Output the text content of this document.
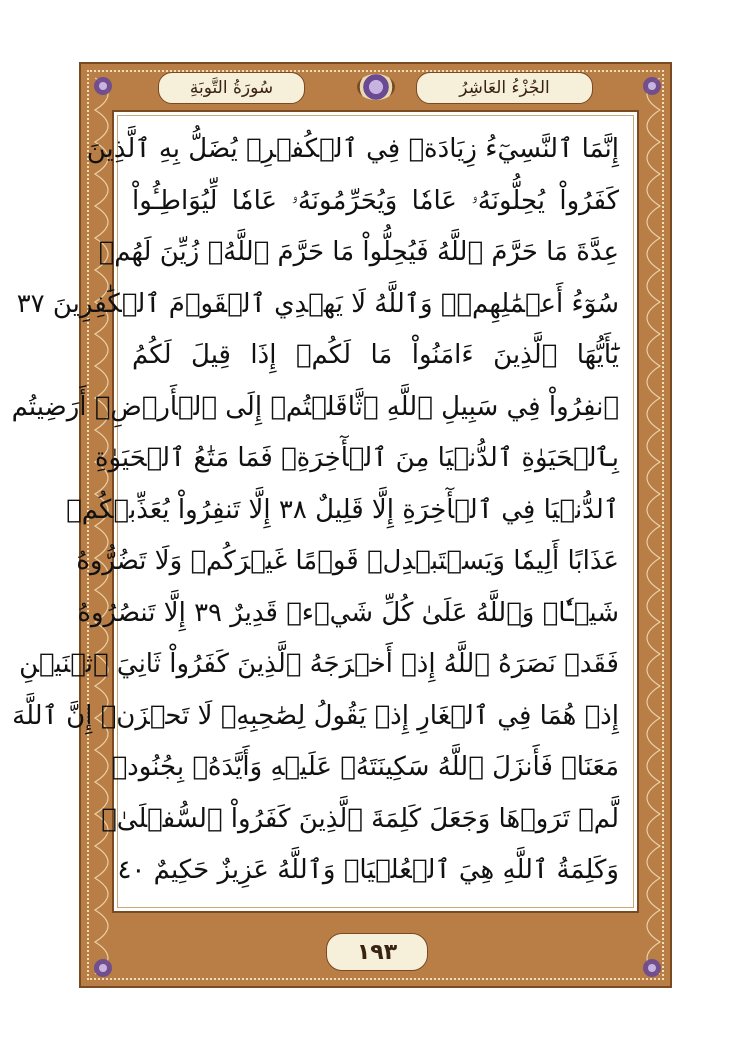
سُورَةُ التَّوبَةِ	الجُزْءُ العَاشِرُ
إِنَّمَا ٱلنَّسِيٓءُ زِيَادَةٞ فِي ٱلۡكُفۡرِۖ يُضَلُّ بِهِ ٱلَّذِينَ
كَفَرُواْ يُحِلُّونَهُۥ عَامٗا وَيُحَرِّمُونَهُۥ عَامٗا لِّيُوَاطِـُٔواْ
عِدَّةَ مَا حَرَّمَ ٱللَّهُ فَيُحِلُّواْ مَا حَرَّمَ ٱللَّهُۚ زُيِّنَ لَهُمۡ
سُوٓءُ أَعۡمَٰلِهِمۡۗ وَٱللَّهُ لَا يَهۡدِي ٱلۡقَوۡمَ ٱلۡكَٰفِرِينَ ٣٧
يَٰٓأَيُّهَا ٱلَّذِينَ ءَامَنُواْ مَا لَكُمۡ إِذَا قِيلَ لَكُمُ
ٱنفِرُواْ فِي سَبِيلِ ٱللَّهِ ٱثَّاقَلۡتُمۡ إِلَى ٱلۡأَرۡضِۚ أَرَضِيتُم
بِٱلۡحَيَوٰةِ ٱلدُّنۡيَا مِنَ ٱلۡأٓخِرَةِۚ فَمَا مَتَٰعُ ٱلۡحَيَوٰةِ
ٱلدُّنۡيَا فِي ٱلۡأٓخِرَةِ إِلَّا قَلِيلٌ ٣٨ إِلَّا تَنفِرُواْ يُعَذِّبۡكُمۡ
عَذَابًا أَلِيمٗا وَيَسۡتَبۡدِلۡ قَوۡمًا غَيۡرَكُمۡ وَلَا تَضُرُّوهُ
شَيۡـٔٗاۗ وَٱللَّهُ عَلَىٰ كُلِّ شَيۡءٖ قَدِيرٌ ٣٩ إِلَّا تَنصُرُوهُ
فَقَدۡ نَصَرَهُ ٱللَّهُ إِذۡ أَخۡرَجَهُ ٱلَّذِينَ كَفَرُواْ ثَانِيَ ٱثۡنَيۡنِ
إِذۡ هُمَا فِي ٱلۡغَارِ إِذۡ يَقُولُ لِصَٰحِبِهِۦ لَا تَحۡزَنۡ إِنَّ ٱللَّهَ
مَعَنَاۖ فَأَنزَلَ ٱللَّهُ سَكِينَتَهُۥ عَلَيۡهِ وَأَيَّدَهُۥ بِجُنُودٖ
لَّمۡ تَرَوۡهَا وَجَعَلَ كَلِمَةَ ٱلَّذِينَ كَفَرُواْ ٱلسُّفۡلَىٰۗ
وَكَلِمَةُ ٱللَّهِ هِيَ ٱلۡعُلۡيَاۗ وَٱللَّهُ عَزِيزٌ حَكِيمٌ ٤٠
١٩٣
